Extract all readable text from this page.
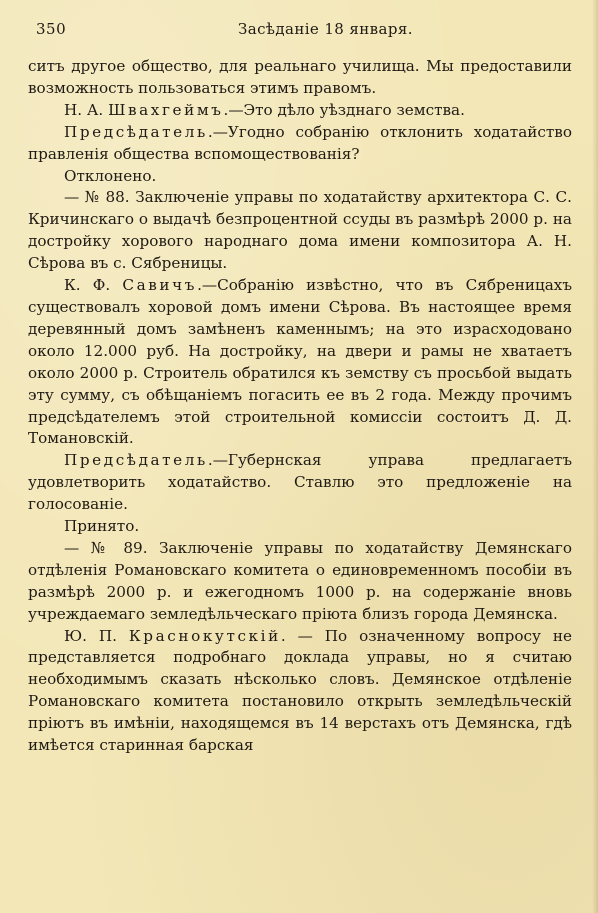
350	Засѣданіе 18 января.

ситъ другое общество, для реальнаго училища. Мы предоставили возможность пользоваться этимъ правомъ.

Н. А. Швахгеймъ.—Это дѣло уѣзднаго земства.

Предсѣдатель.—Угодно собранію отклонить ходатайство правленія общества вспомоществованія?

Отклонено.

— № 88. Заключеніе управы по ходатайству архитектора С. С. Кричинскаго о выдачѣ безпроцентной ссуды въ размѣрѣ 2000 р. на достройку хорового народнаго дома имени композитора А. Н. Сѣрова въ с. Сябреницы.

К. Ф. Савичъ.—Собранію извѣстно, что въ Сябреницахъ существовалъ хоровой домъ имени Сѣрова. Въ настоящее время деревянный домъ замѣненъ каменнымъ; на это израсходовано около 12.000 руб. На достройку, на двери и рамы не хватаетъ около 2000 р. Строитель обратился къ земству съ просьбой выдать эту сумму, съ обѣщаніемъ погасить ее въ 2 года. Между прочимъ предсѣдателемъ этой строительной комиссіи состоитъ Д. Д. Томановскій.

Предсѣдатель.—Губернская управа предлагаетъ удовлетворить ходатайство. Ставлю это предложеніе на голосованіе.

Принято.

— № 89. Заключеніе управы по ходатайству Демянскаго отдѣленія Романовскаго комитета о единовременномъ пособіи въ размѣрѣ 2000 р. и ежегодномъ 1000 р. на содержаніе вновь учреждаемаго земледѣльческаго пріюта близъ города Демянска.

Ю. П. Краснокутскій. — По означенному вопросу не представляется подробнаго доклада управы, но я считаю необходимымъ сказать нѣсколько словъ. Демянское отдѣленіе Романовскаго комитета постановило открыть земледѣльческій пріютъ въ имѣніи, находящемся въ 14 верстахъ отъ Демянска, гдѣ имѣется старинная барская
